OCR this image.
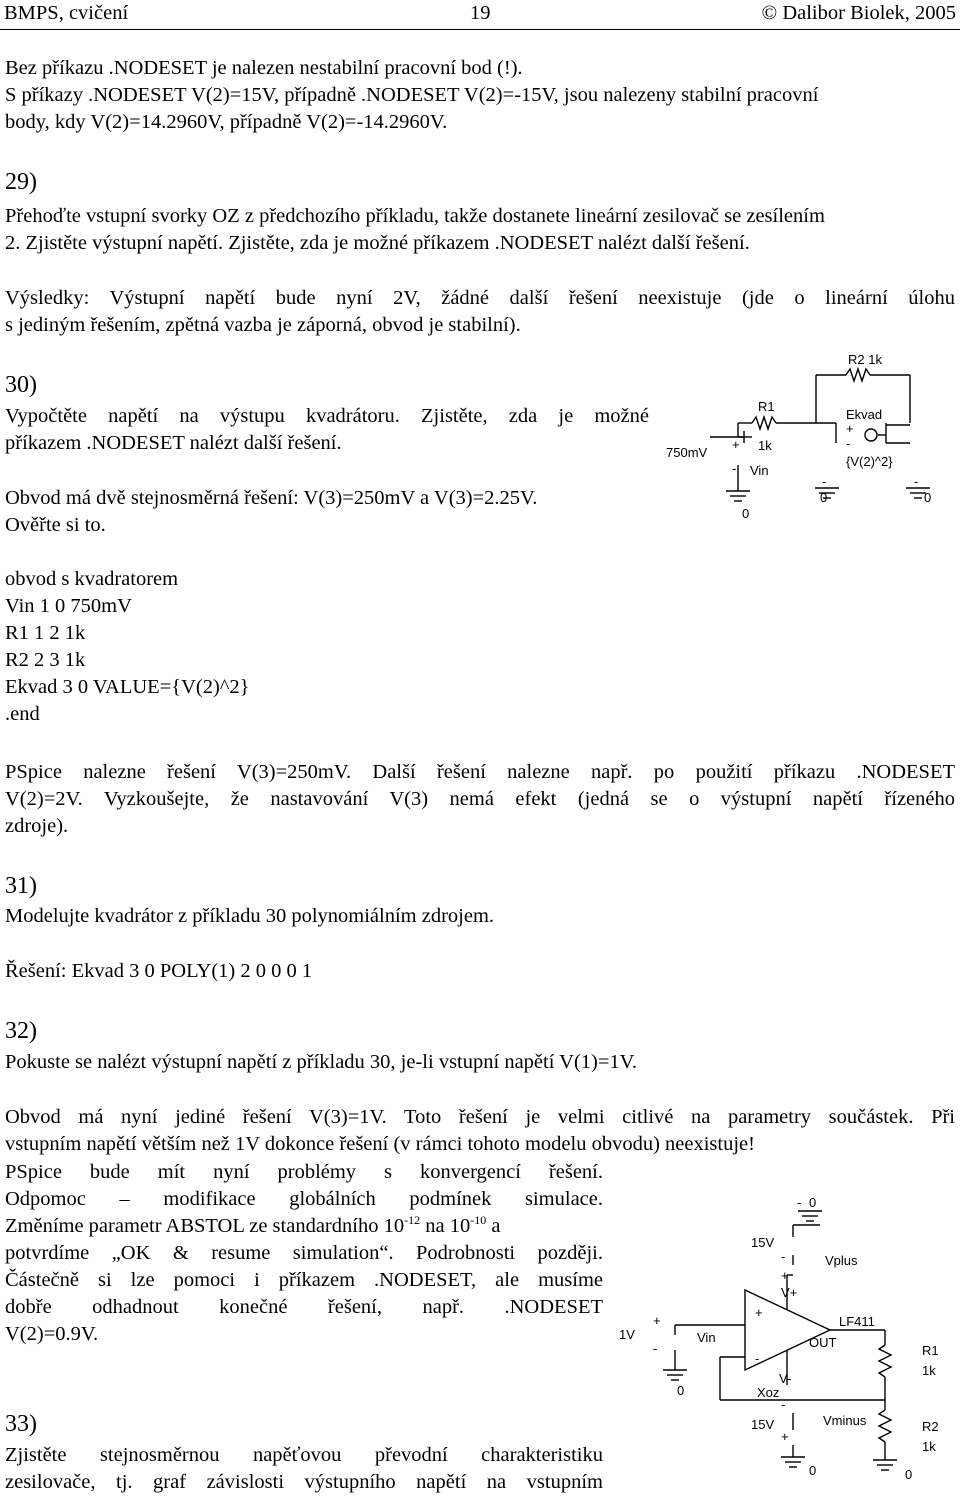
BMPS, cvičení	19	© Dalibor Biolek, 2005

Bez příkazu .NODESET je nalezen nestabilní pracovní bod (!).

S příkazy .NODESET V(2)=15V, případně .NODESET V(2)=-15V, jsou nalezeny stabilní pracovní

body, kdy V(2)=14.2960V, případně V(2)=-14.2960V.

29)

Přehoďte vstupní svorky OZ z předchozího příkladu, takže dostanete lineární zesilovač se zesílením

2. Zjistěte výstupní napětí. Zjistěte, zda je možné příkazem .NODESET nalézt další řešení.

Výsledky: Výstupní napětí bude nyní 2V, žádné další řešení neexistuje (jde o lineární úlohu

s jediným řešením, zpětná vazba je záporná, obvod je stabilní).

30)

Vypočtěte napětí na výstupu kvadrátoru. Zjistěte, zda je možné

příkazem .NODESET nalézt další řešení.

Obvod má dvě stejnosměrná řešení: V(3)=250mV a V(3)=2.25V.

Ověřte si to.

R2 1k
R1
1k
750mV
+
- Vin
Ekvad
+
-
{V(2)^2}
-
0
-
0
0
obvod s kvadratorem
Vin 1 0 750mV
R1 1 2 1k
R2 2 3 1k
Ekvad 3 0 VALUE={V(2)^2}
.end

PSpice nalezne řešení V(3)=250mV. Další řešení nalezne např. po použití příkazu .NODESET

V(2)=2V. Vyzkoušejte, že nastavování V(3) nemá efekt (jedná se o výstupní napětí řízeného

zdroje).

31)

Modelujte kvadrátor z příkladu 30 polynomiálním zdrojem.

Řešení: Ekvad 3 0 POLY(1) 2 0 0 0 1

32)

Pokuste se nalézt výstupní napětí z příkladu 30, je-li vstupní napětí V(1)=1V.

Obvod má nyní jediné řešení V(3)=1V. Toto řešení je velmi citlivé na parametry součástek. Při

vstupním napětí větším než 1V dokonce řešení (v rámci tohoto modelu obvodu) neexistuje!

PSpice bude mít nyní problémy s konvergencí řešení.

Odpomoc – modifikace globálních podmínek simulace.

Změníme parametr ABSTOL ze standardního $10^{-12}$ na $10^{-10}$ a

potvrdíme „OK & resume simulation“. Podrobnosti později.

Částečně si lze pomoci i příkazem .NODESET, ale musíme

dobře odhadnout konečné řešení, např. .NODESET

V(2)=0.9V.	1V
+
-
Vin
0
+
-
15V
-
+
Vplus
V+
- 0
LF411
OUT
V-
Xoz
-
15V
+
Vminus
0
R1
1k
R2
1k
0

33)

Zjistěte stejnosměrnou napěťovou převodní charakteristiku

zesilovače, tj. graf závislosti výstupního napětí na vstupním
